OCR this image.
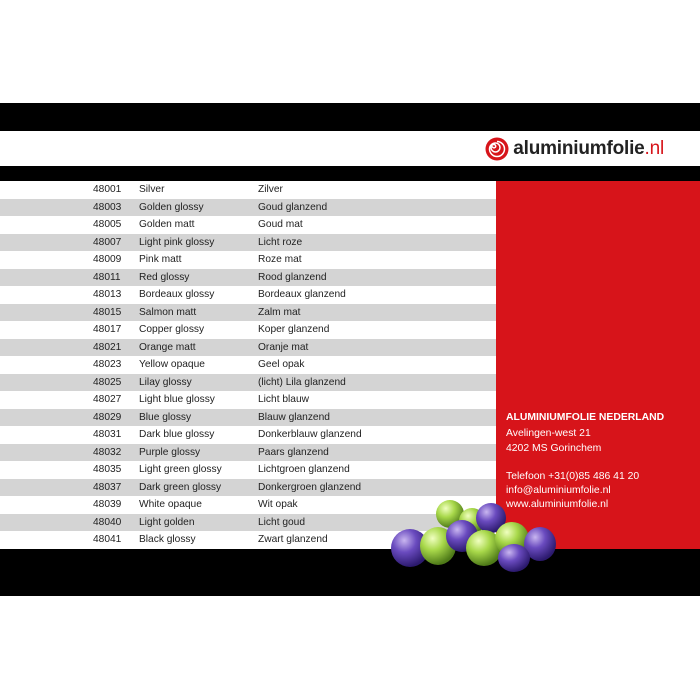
aluminiumfolie.nl
48001 Silver	Zilver
48003 Golden glossy	Goud glanzend
48005 Golden matt	Goud mat
48007 Light pink glossy	Licht roze
48009 Pink matt	Roze mat
48011 Red glossy	Rood glanzend
48013 Bordeaux glossy	Bordeaux glanzend
48015 Salmon matt	Zalm mat
48017 Copper glossy	Koper glanzend
48021 Orange matt	Oranje mat
48023 Yellow opaque	Geel opak
48025 Lilay glossy	(licht) Lila glanzend
48027 Light blue glossy	Licht blauw
48029 Blue glossy	Blauw glanzend
48031 Dark blue glossy	Donkerblauw glanzend
48032 Purple glossy	Paars glanzend
48035 Light green glossy	Lichtgroen glanzend
48037 Dark green glossy	Donkergroen glanzend
48039 White opaque	Wit opak
48040 Light golden	Licht goud
48041 Black glossy	Zwart glanzend
ALUMINIUMFOLIE NEDERLAND
Avelingen-west 21
4202 MS Gorinchem
Telefoon +31(0)85 486 41 20
info@aluminiumfolie.nl
www.aluminiumfolie.nl
